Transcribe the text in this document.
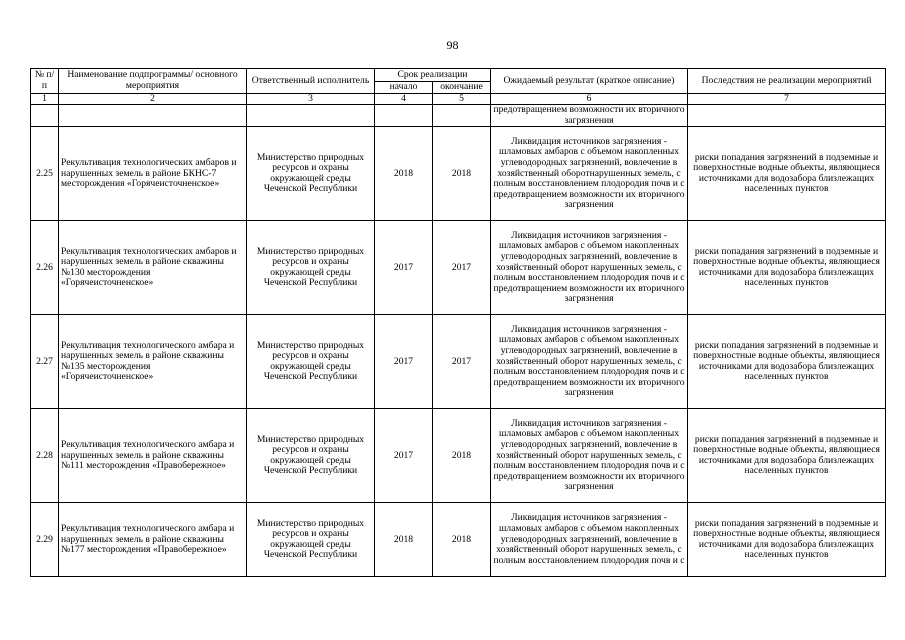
98
№ п/п	Наименование подпрограммы/ основного мероприятия	Ответственный исполнитель	Срок реализации		Ожидаемый результат (краткое описание)	Последствия не реализации мероприятий
			начало	окончание		
1	2	3	4	5	6	7
					предотвращением возможности их вторичного загрязнения	
2.25	Рекультивация технологических амбаров и нарушенных земель в районе БКНС-7 месторождения «Горячеисточненское»	Министерство природных ресурсов и охраны окружающей среды Чеченской Республики	2018	2018	Ликвидация источников загрязнения - шламовых амбаров с объемом накопленных углеводородных загрязнений, вовлечение в хозяйственный оборотнарушенных земель, с полным восстановлением плодородия почв и с предотвращением возможности их вторичного загрязнения	риски попадания загрязнений в подземные и поверхностные водные объекты, являющиеся источниками для водозабора близлежащих населенных пунктов
2.26	Рекультивация технологических амбаров и нарушенных земель в районе скважины №130 месторождения «Горячеисточненское»	Министерство природных ресурсов и охраны окружающей среды Чеченской Республики	2017	2017	Ликвидация источников загрязнения - шламовых амбаров с объемом накопленных углеводородных загрязнений, вовлечение в хозяйственный оборот нарушенных земель, с полным восстановлением плодородия почв и с предотвращением возможности их вторичного загрязнения	риски попадания загрязнений в подземные и поверхностные водные объекты, являющиеся источниками для водозабора близлежащих населенных пунктов
2.27	Рекультивация технологического амбара и нарушенных земель в районе скважины №135 месторождения «Горячеисточненское»	Министерство природных ресурсов и охраны окружающей среды Чеченской Республики	2017	2017	Ликвидация источников загрязнения - шламовых амбаров с объемом накопленных углеводородных загрязнений, вовлечение в хозяйственный оборот нарушенных земель, с полным восстановлением плодородия почв и с предотвращением возможности их вторичного загрязнения	риски попадания загрязнений в подземные и поверхностные водные объекты, являющиеся источниками для водозабора близлежащих населенных пунктов
2.28	Рекультивация технологического амбара и нарушенных земель в районе скважины №111 месторождения «Правобережное»	Министерство природных ресурсов и охраны окружающей среды Чеченской Республики	2017	2018	Ликвидация источников загрязнения - шламовых амбаров с объемом накопленных углеводородных загрязнений, вовлечение в хозяйственный оборот нарушенных земель, с полным восстановлением плодородия почв и с предотвращением возможности их вторичного загрязнения	риски попадания загрязнений в подземные и поверхностные водные объекты, являющиеся источниками для водозабора близлежащих населенных пунктов
2.29	Рекультивация технологического амбара и нарушенных земель в районе скважины №177 месторождения «Правобережное»	Министерство природных ресурсов и охраны окружающей среды Чеченской Республики	2018	2018	Ликвидация источников загрязнения - шламовых амбаров с объемом накопленных углеводородных загрязнений, вовлечение в хозяйственный оборот нарушенных земель, с полным восстановлением плодородия почв и с	риски попадания загрязнений в подземные и поверхностные водные объекты, являющиеся источниками для водозабора близлежащих населенных пунктов
